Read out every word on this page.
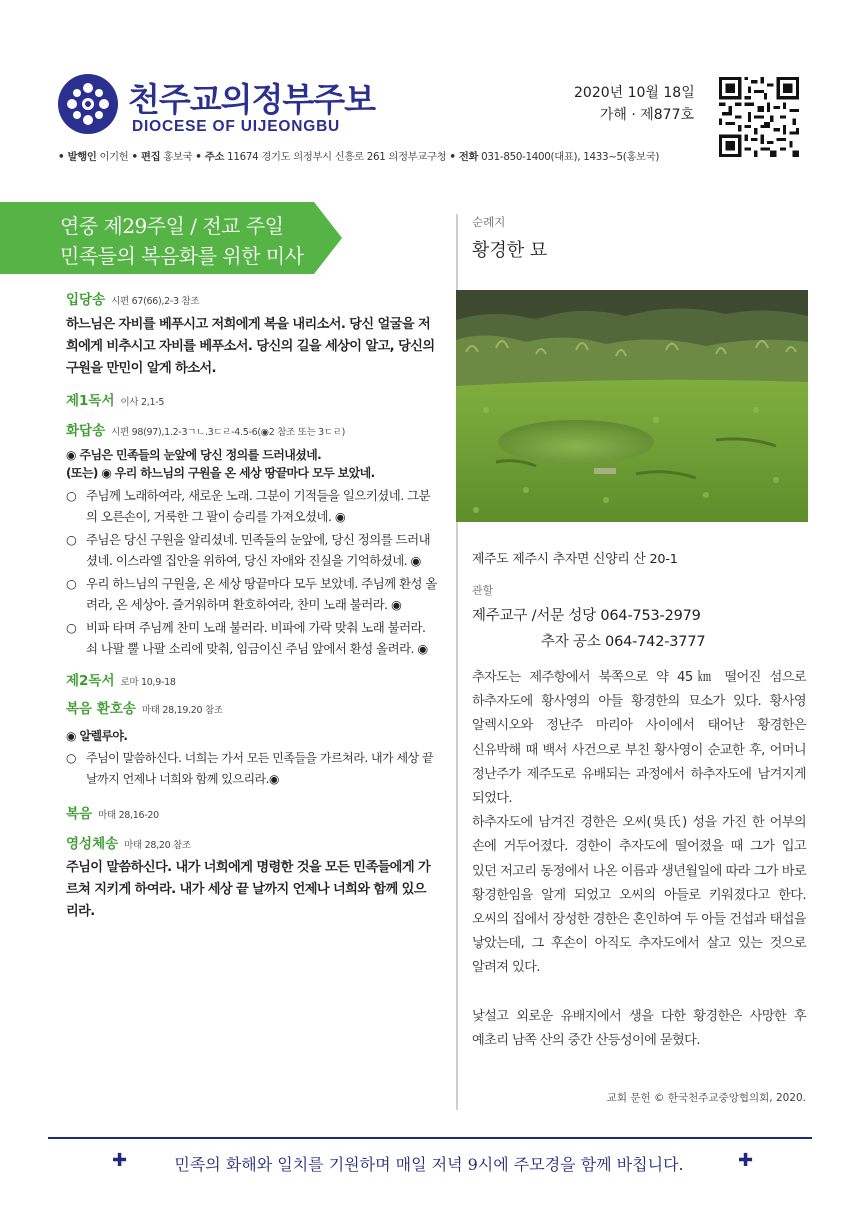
천주교의정부주보
DIOCESE OF UIJEONGBU
2020년 10월 18일
가해 · 제877호
• 발행인 이기헌 • 편집 홍보국 • 주소 11674 경기도 의정부시 신흥로 261 의정부교구청 • 전화 031-850-1400(대표), 1433~5(홍보국)
연중 제29주일 / 전교 주일
민족들의 복음화를 위한 미사
입당송 시편 67(66),2-3 참조
하느님은 자비를 베푸시고 저희에게 복을 내리소서. 당신 얼굴을 저희에게 비추시고 자비를 베푸소서. 당신의 길을 세상이 알고, 당신의 구원을 만민이 알게 하소서.
제1독서 이사 2,1-5
화답송 시편 98(97),1.2-3ㄱㄴ.3ㄷㄹ-4.5-6(◉2 참조 또는 3ㄷㄹ)
◉ 주님은 민족들의 눈앞에 당신 정의를 드러내셨네.
(또는) ◉ 우리 하느님의 구원을 온 세상 땅끝마다 모두 보았네.
○ 주님께 노래하여라, 새로운 노래. 그분이 기적들을 일으키셨네. 그분의 오른손이, 거룩한 그 팔이 승리를 가져오셨네. ◉
○ 주님은 당신 구원을 알리셨네. 민족들의 눈앞에, 당신 정의를 드러내셨네. 이스라엘 집안을 위하여, 당신 자애와 진실을 기억하셨네. ◉
○ 우리 하느님의 구원을, 온 세상 땅끝마다 모두 보았네. 주님께 환성 올려라, 온 세상아. 즐거워하며 환호하여라, 찬미 노래 불러라. ◉
○ 비파 타며 주님께 찬미 노래 불러라. 비파에 가락 맞춰 노래 불러라. 쇠 나팔 뿔 나팔 소리에 맞춰, 임금이신 주님 앞에서 환성 올려라. ◉
제2독서 로마 10,9-18
복음 환호송 마태 28,19.20 참조
◉ 알렐루야.
○ 주님이 말씀하신다. 너희는 가서 모든 민족들을 가르쳐라. 내가 세상 끝날까지 언제나 너희와 함께 있으리라.◉
복음 마태 28,16-20
영성체송 마태 28,20 참조
주님이 말씀하신다. 내가 너희에게 명령한 것을 모든 민족들에게 가르쳐 지키게 하여라. 내가 세상 끝 날까지 언제나 너희와 함께 있으리라.
순례지
황경한 묘
제주도 제주시 추자면 신양리 산 20-1
관할
제주교구 /서문 성당 064-753-2979
추자 공소 064-742-3777

추자도는 제주항에서 북쪽으로 약 45㎞ 떨어진 섬으로 하추자도에 황사영의 아들 황경한의 묘소가 있다. 황사영 알렉시오와 정난주 마리아 사이에서 태어난 황경한은 신유박해 때 백서 사건으로 부친 황사영이 순교한 후, 어머니 정난주가 제주도로 유배되는 과정에서 하추자도에 남겨지게 되었다.

하추자도에 남겨진 경한은 오씨(吳氏) 성을 가진 한 어부의 손에 거두어졌다. 경한이 추자도에 떨어졌을 때 그가 입고 있던 저고리 동정에서 나온 이름과 생년월일에 따라 그가 바로 황경한임을 알게 되었고 오씨의 아들로 키워졌다고 한다. 오씨의 집에서 장성한 경한은 혼인하여 두 아들 건섭과 태섭을 낳았는데, 그 후손이 아직도 추자도에서 살고 있는 것으로 알려져 있다.

낯설고 외로운 유배지에서 생을 다한 황경한은 사망한 후 예초리 남쪽 산의 중간 산등성이에 묻혔다.

교회 문헌 © 한국천주교중앙협의회, 2020.
✚	민족의 화해와 일치를 기원하며 매일 저녁 9시에 주모경을 함께 바칩니다.	✚
